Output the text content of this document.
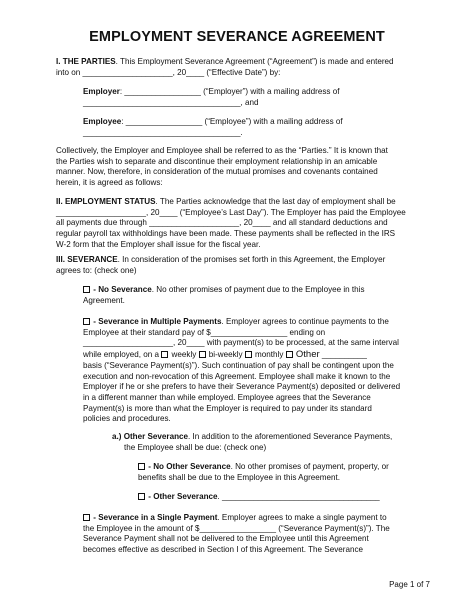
EMPLOYMENT SEVERANCE AGREEMENT

I. THE PARTIES. This Employment Severance Agreement (“Agreement”) is made and entered
into on ____________________, 20____ (“Effective Date”) by:

Employer: _________________ (“Employer”) with a mailing address of
___________________________________, and

Employee: _________________ (“Employee”) with a mailing address of
___________________________________.

Collectively, the Employer and Employee shall be referred to as the “Parties.” It is known that
the Parties wish to separate and discontinue their employment relationship in an amicable
manner. Now, therefore, in consideration of the mutual promises and covenants contained
herein, it is agreed as follows:

II. EMPLOYMENT STATUS. The Parties acknowledge that the last day of employment shall be
____________________, 20____ (“Employee’s Last Day”). The Employer has paid the Employee
all payments due through ____________________, 20____ and all standard deductions and
regular payroll tax withholdings have been made. These payments shall be reflected in the IRS
W-2 form that the Employer shall issue for the fiscal year.

III. SEVERANCE. In consideration of the promises set forth in this Agreement, the Employer
agrees to: (check one)

- No Severance. No other promises of payment due to the Employee in this
Agreement.

- Severance in Multiple Payments. Employer agrees to continue payments to the
Employee at their standard pay of $_________________ ending on
____________________, 20____ with payment(s) to be processed, at the same interval
while employed, on a  weekly bi-weekly monthly Other __________
basis (“Severance Payment(s)”). Such continuation of pay shall be contingent upon the
execution and non-revocation of this Agreement. Employee shall make it known to the
Employer if he or she prefers to have their Severance Payment(s) deposited or delivered
in a different manner than while employed. Employee agrees that the Severance
Payment(s) is more than what the Employer is required to pay under its standard
policies and procedures.

a.) Other Severance. In addition to the aforementioned Severance Payments,
the Employee shall be due: (check one)

- No Other Severance. No other promises of payment, property, or
benefits shall be due to the Employee in this Agreement.

- Other Severance. ___________________________________

- Severance in a Single Payment. Employer agrees to make a single payment to
the Employee in the amount of $_________________ (“Severance Payment(s)”). The
Severance Payment shall not be delivered to the Employee until this Agreement
becomes effective as described in Section I of this Agreement. The Severance

Page 1 of 7
